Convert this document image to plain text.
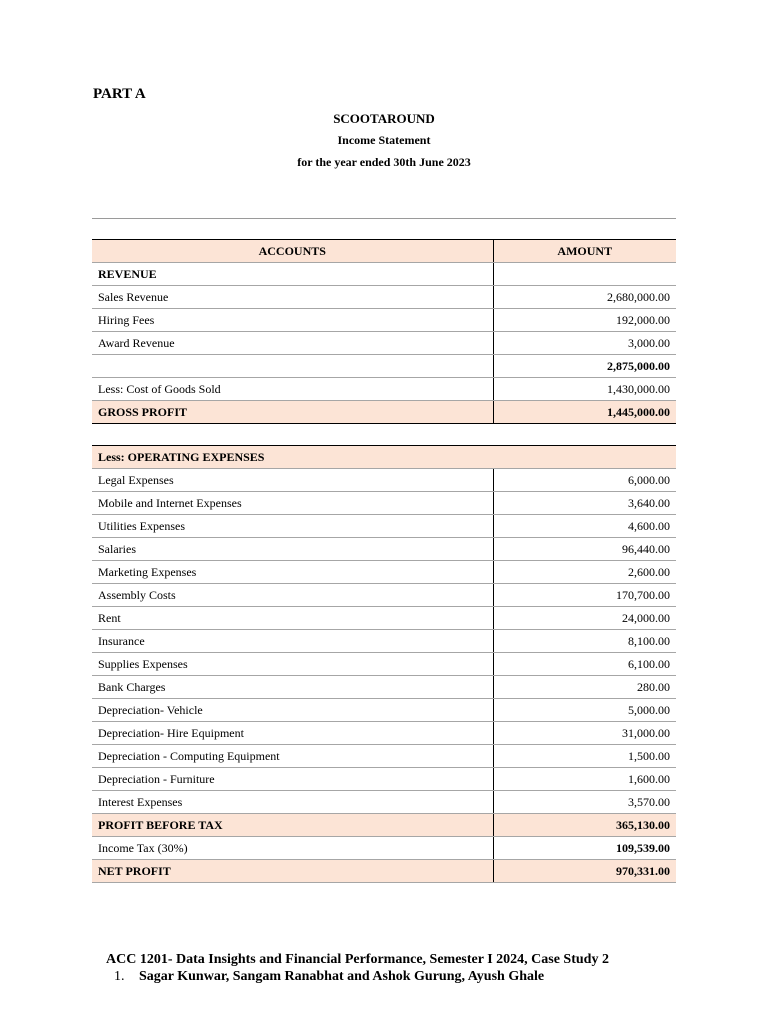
PART A
SCOOTAROUND
Income Statement
for the year ended 30th June 2023
ACCOUNTS	AMOUNT
REVENUE	
Sales Revenue	2,680,000.00
Hiring Fees	192,000.00
Award Revenue	3,000.00
	2,875,000.00
Less: Cost of Goods Sold	1,430,000.00
GROSS PROFIT	1,445,000.00
Less: OPERATING EXPENSES	
Legal Expenses	6,000.00
Mobile and Internet Expenses	3,640.00
Utilities Expenses	4,600.00
Salaries	96,440.00
Marketing Expenses	2,600.00
Assembly Costs	170,700.00
Rent	24,000.00
Insurance	8,100.00
Supplies Expenses	6,100.00
Bank Charges	280.00
Depreciation- Vehicle	5,000.00
Depreciation- Hire Equipment	31,000.00
Depreciation - Computing Equipment	1,500.00
Depreciation - Furniture	1,600.00
Interest Expenses	3,570.00
PROFIT BEFORE TAX	365,130.00
Income Tax (30%)	109,539.00
NET PROFIT	970,331.00
ACC 1201- Data Insights and Financial Performance, Semester I 2024, Case Study 2
1. Sagar Kunwar, Sangam Ranabhat and Ashok Gurung, Ayush Ghale
